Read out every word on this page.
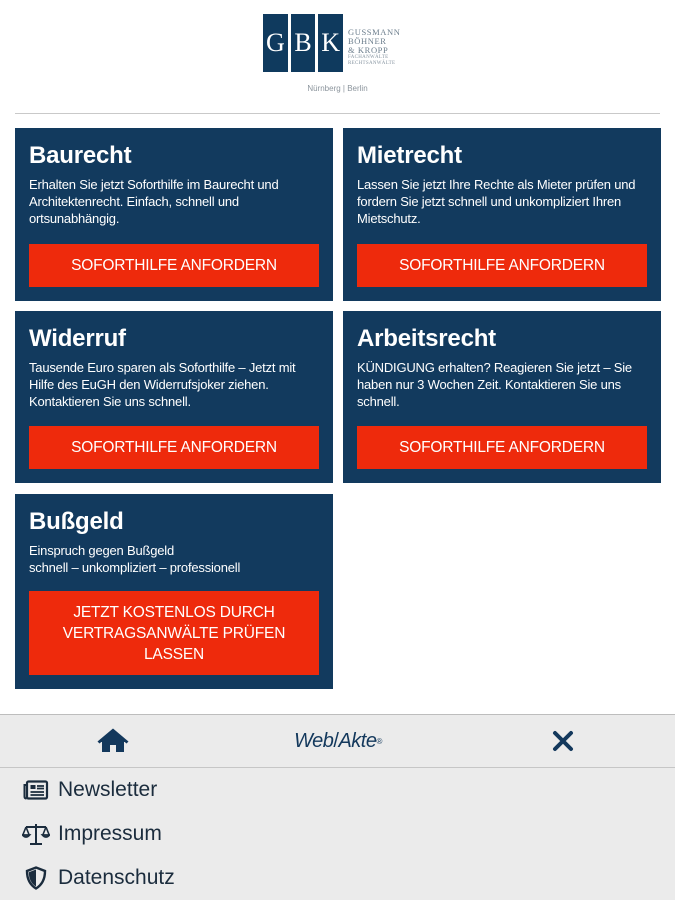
G B K GUSSMANN
BÖHNER
& KROPP
FACHANWÄLTE
RECHTSANWÄLTE
Nürnberg | Berlin
Baurecht

Erhalten Sie jetzt Soforthilfe im Baurecht und Architektenrecht. Einfach, schnell und ortsunabhängig.

SOFORTHILFE ANFORDERN
Mietrecht

Lassen Sie jetzt Ihre Rechte als Mieter prüfen und fordern Sie jetzt schnell und unkompliziert Ihren Mietschutz.

SOFORTHILFE ANFORDERN
Widerruf

Tausende Euro sparen als Soforthilfe – Jetzt mit Hilfe des EuGH den Widerrufsjoker ziehen. Kontaktieren Sie uns schnell.

SOFORTHILFE ANFORDERN
Arbeitsrecht

KÜNDIGUNG erhalten? Reagieren Sie jetzt – Sie haben nur 3 Wochen Zeit. Kontaktieren Sie uns schnell.

SOFORTHILFE ANFORDERN
Bußgeld

Einspruch gegen Bußgeld
schnell – unkompliziert – professionell

JETZT KOSTENLOS DURCH VERTRAGSANWÄLTE PRÜFEN LASSEN
Web / Akte ®
Newsletter
Impressum
Datenschutz
